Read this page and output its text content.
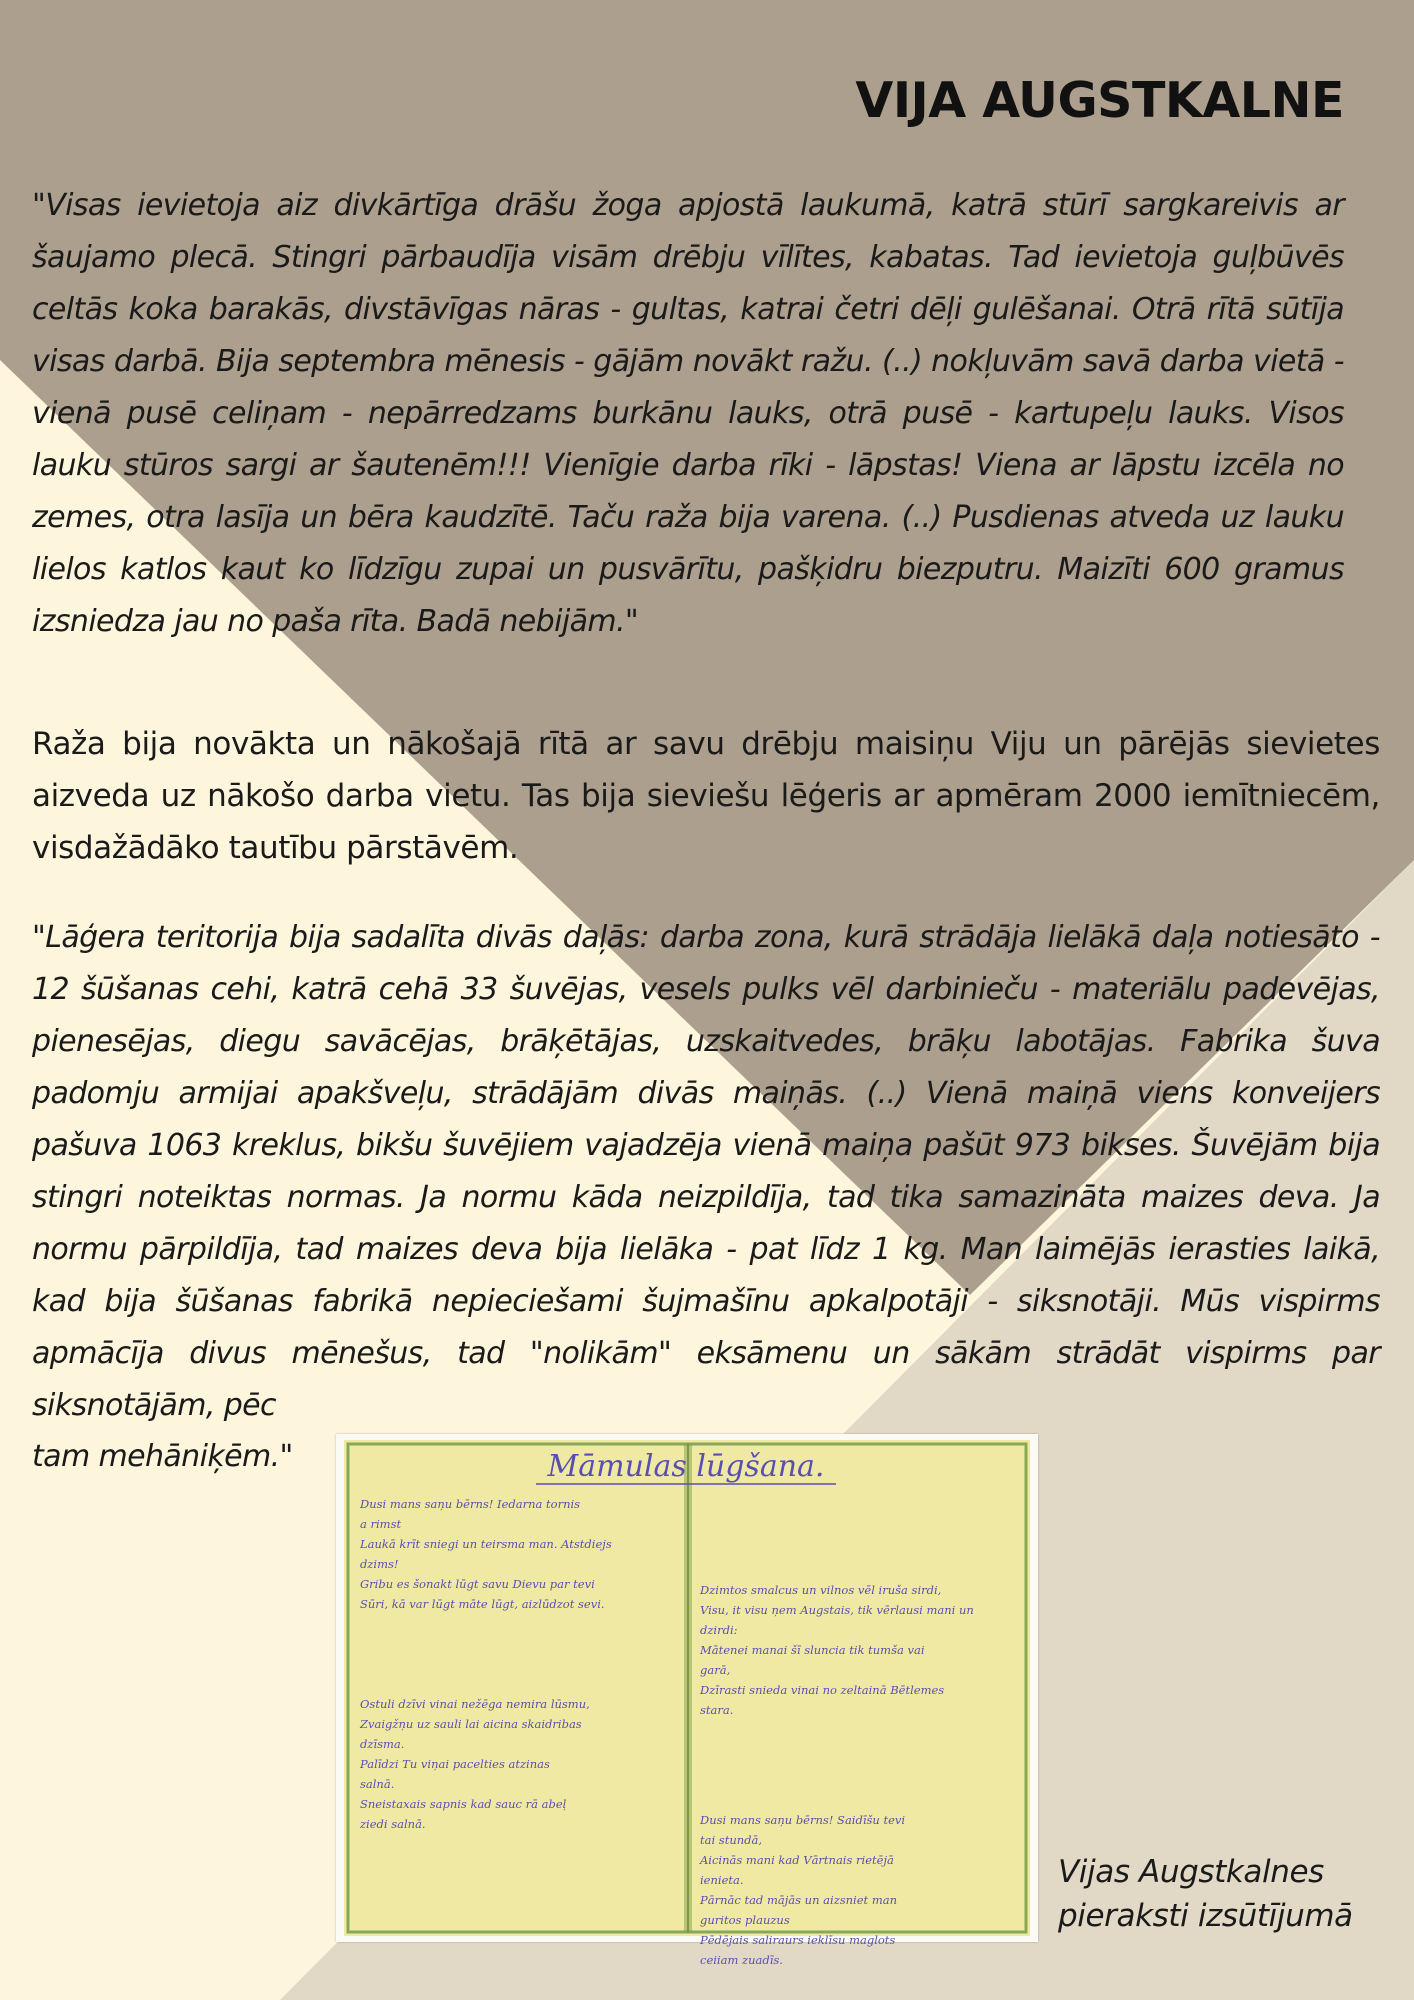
VIJA AUGSTKALNE

"Visas ievietoja aiz divkārtīga drāšu žoga apjostā laukumā, katrā stūrī sargkareivis ar šaujamo plecā. Stingri pārbaudīja visām drēbju vīlītes, kabatas. Tad ievietoja guļbūvēs celtās koka barakās, divstāvīgas nāras - gultas, katrai četri dēļi gulēšanai. Otrā rītā sūtīja visas darbā. Bija septembra mēnesis - gājām novākt ražu. (..) nokļuvām savā darba vietā - vienā pusē celiņam - nepārredzams burkānu lauks, otrā pusē - kartupeļu lauks. Visos lauku stūros sargi ar šautenēm!!! Vienīgie darba rīki - lāpstas! Viena ar lāpstu izcēla no zemes, otra lasīja un bēra kaudzītē. Taču raža bija varena. (..) Pusdienas atveda uz lauku lielos katlos kaut ko līdzīgu zupai un pusvārītu, pašķidru biezputru. Maizīti 600 gramus izsniedza jau no paša rīta. Badā nebijām."

Raža bija novākta un nākošajā rītā ar savu drēbju maisiņu Viju un pārējās sievietes aizveda uz nākošo darba vietu. Tas bija sieviešu lēģeris ar apmēram 2000 iemītniecēm, visdažādāko tautību pārstāvēm.

"Lāģera teritorija bija sadalīta divās daļās: darba zona, kurā strādāja lielākā daļa notiesāto - 12 šūšanas cehi, katrā cehā 33 šuvējas, vesels pulks vēl darbinieču - materiālu padevējas, pienesējas, diegu savācējas, brāķētājas, uzskaitvedes, brāķu labotājas. Fabrika šuva padomju armijai apakšveļu, strādājām divās maiņās. (..) Vienā maiņā viens konveijers pašuva 1063 kreklus, bikšu šuvējiem vajadzēja vienā maiņa pašūt 973 bikses. Šuvējām bija stingri noteiktas normas. Ja normu kāda neizpildīja, tad tika samazināta maizes deva. Ja normu pārpildīja, tad maizes deva bija lielāka - pat līdz 1 kg. Man laimējās ierasties laikā, kad bija šūšanas fabrikā nepieciešami šujmašīnu apkalpotāji - siksnotāji. Mūs vispirms apmācīja divus mēnešus, tad "nolikām" eksāmenu un sākām strādāt vispirms par siksnotājām, pēc

tam mehāniķēm."	Māmulas lūgšana.
Dusi mans saņu bērns! Iedarna tornis
a rimst
Laukā krīt sniegi un teirsma man. Atstdiejs
dzims!
Gribu es šonakt lūgt savu Dievu par tevi
Sūri, kā var lūgt māte lūgt, aizlūdzot sevi.
Ostuli dzīvi vinai nežēga nemira lūsmu,
Zvaigžņu uz sauli lai aicina skaidribas
dzīsma.
Palīdzi Tu viņai pacelties atzinas
salnā.
Sneistaxais sapnis kad sauc rā abeļ
ziedi salnā.
Dzimtos smalcus un vilnos vēl iruša sirdi,
Visu, it visu ņem Augstais, tik vērlausi mani un
dzirdi:
Mātenei manai šī sluncia tik tumša vai
garā,
Dzīrasti snieda vinai no zeltainā Bētlemes
stara.
Dusi mans saņu bērns! Saidīšu tevi
tai stundā,
Aicinās mani kad Vārtnais rietējā
ienieta.
Pārnāc tad mājās un aizsniet man
guritos plauzus
Pēdējais saliraurs ieklīsu maglots
ceiiam zuadīs.

Vijas Augstkalnes
pieraksti izsūtījumā
